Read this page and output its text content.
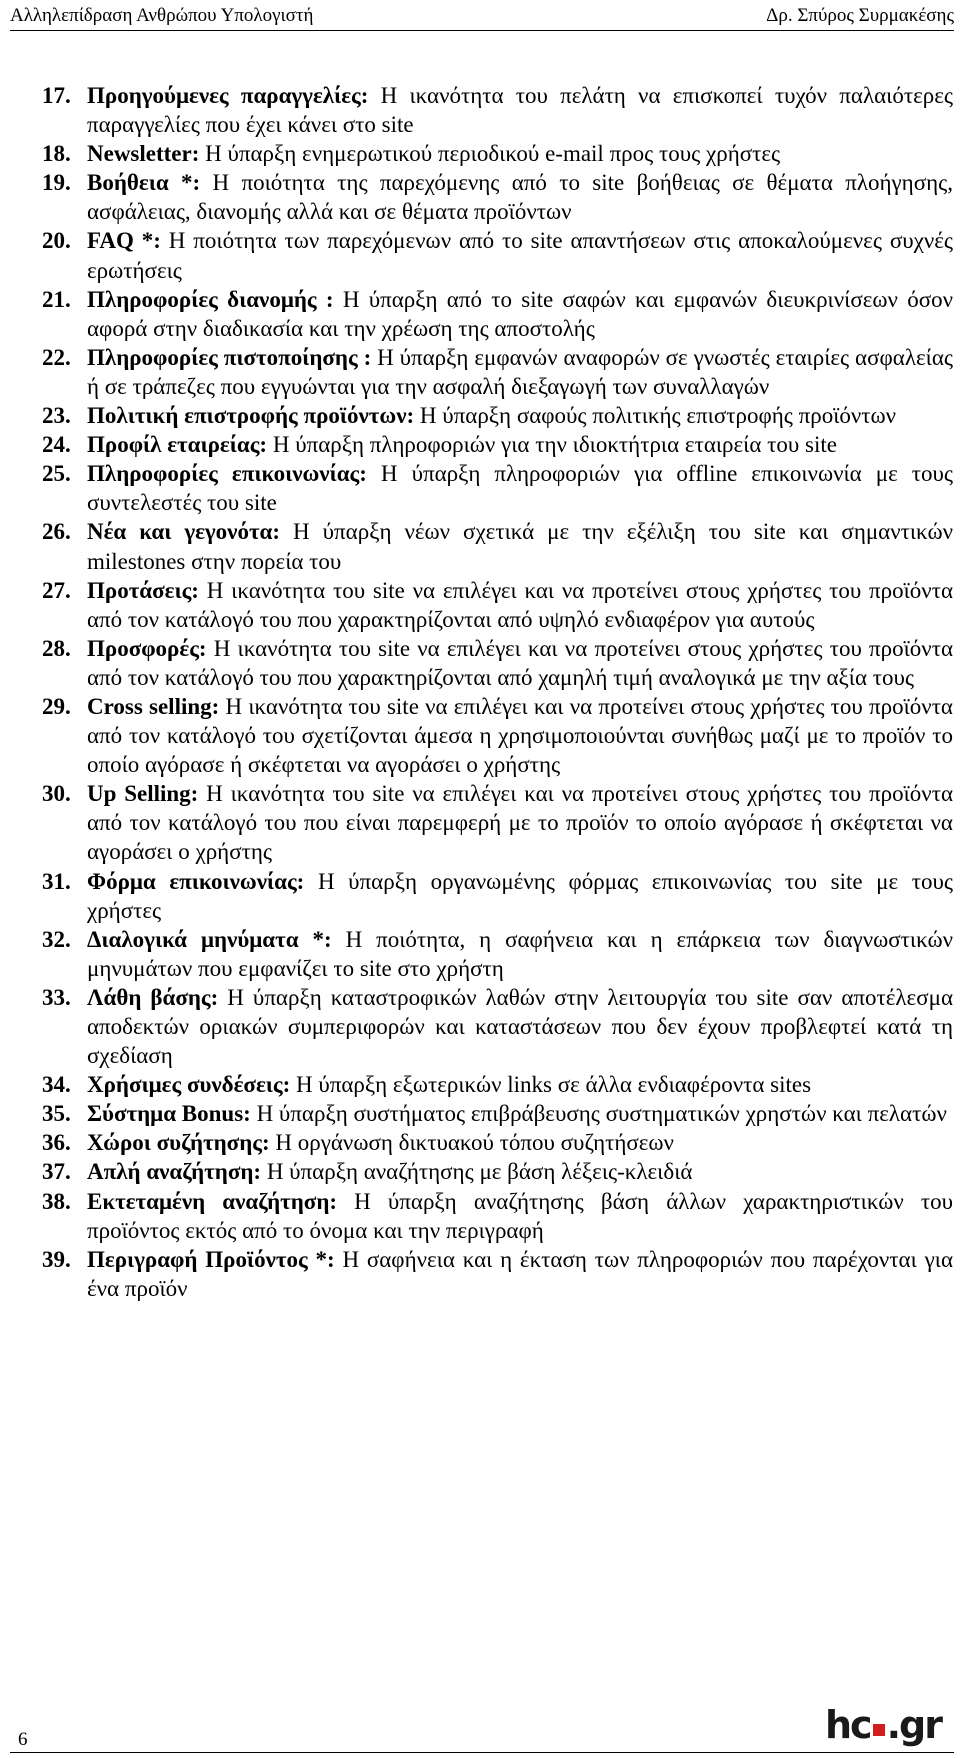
Αλληλεπίδραση Ανθρώπου Υπολογιστή	Δρ. Σπύρος Συρμακέσης
17. Προηγούμενες παραγγελίες: Η ικανότητα του πελάτη να επισκοπεί τυχόν παλαιότερες παραγγελίες που έχει κάνει στο site
18. Newsletter: Η ύπαρξη ενημερωτικού περιοδικού e-mail προς τους χρήστες
19. Βοήθεια *: Η ποιότητα της παρεχόμενης από το site βοήθειας σε θέματα πλοήγησης, ασφάλειας, διανομής αλλά και σε θέματα προϊόντων
20. FAQ *: Η ποιότητα των παρεχόμενων από το site απαντήσεων στις αποκαλούμενες συχνές ερωτήσεις
21. Πληροφορίες διανομής : Η ύπαρξη από το site σαφών και εμφανών διευκρινίσεων όσον αφορά στην διαδικασία και την χρέωση της αποστολής
22. Πληροφορίες πιστοποίησης : Η ύπαρξη εμφανών αναφορών σε γνωστές εταιρίες ασφαλείας ή σε τράπεζες που εγγυώνται για την ασφαλή διεξαγωγή των συναλλαγών
23. Πολιτική επιστροφής προϊόντων: Η ύπαρξη σαφούς πολιτικής επιστροφής προϊόντων
24. Προφίλ εταιρείας: Η ύπαρξη πληροφοριών για την ιδιοκτήτρια εταιρεία του site
25. Πληροφορίες επικοινωνίας: Η ύπαρξη πληροφοριών για offline επικοινωνία με τους συντελεστές του site
26. Νέα και γεγονότα: Η ύπαρξη νέων σχετικά με την εξέλιξη του site και σημαντικών milestones στην πορεία του
27. Προτάσεις: Η ικανότητα του site να επιλέγει και να προτείνει στους χρήστες του προϊόντα από τον κατάλογό του που χαρακτηρίζονται από υψηλό ενδιαφέρον για αυτούς
28. Προσφορές: Η ικανότητα του site να επιλέγει και να προτείνει στους χρήστες του προϊόντα από τον κατάλογό του που χαρακτηρίζονται από χαμηλή τιμή αναλογικά με την αξία τους
29. Cross selling: Η ικανότητα του site να επιλέγει και να προτείνει στους χρήστες του προϊόντα από τον κατάλογό του σχετίζονται άμεσα η χρησιμοποιούνται συνήθως μαζί με το προϊόν το οποίο αγόρασε ή σκέφτεται να αγοράσει ο χρήστης
30. Up Selling: Η ικανότητα του site να επιλέγει και να προτείνει στους χρήστες του προϊόντα από τον κατάλογό του που είναι παρεμφερή με το προϊόν το οποίο αγόρασε ή σκέφτεται να αγοράσει ο χρήστης
31. Φόρμα επικοινωνίας: Η ύπαρξη οργανωμένης φόρμας επικοινωνίας του site με τους χρήστες
32. Διαλογικά μηνύματα *: Η ποιότητα, η σαφήνεια και η επάρκεια των διαγνωστικών μηνυμάτων που εμφανίζει το site στο χρήστη
33. Λάθη βάσης: Η ύπαρξη καταστροφικών λαθών στην λειτουργία του site σαν αποτέλεσμα αποδεκτών οριακών συμπεριφορών και καταστάσεων που δεν έχουν προβλεφτεί κατά τη σχεδίαση
34. Χρήσιμες συνδέσεις: Η ύπαρξη εξωτερικών links σε άλλα ενδιαφέροντα sites
35. Σύστημα Bonus: Η ύπαρξη συστήματος επιβράβευσης συστηματικών χρηστών και πελατών
36. Χώροι συζήτησης: Η οργάνωση δικτυακού τόπου συζητήσεων
37. Απλή αναζήτηση: Η ύπαρξη αναζήτησης με βάση λέξεις-κλειδιά
38. Εκτεταμένη αναζήτηση: Η ύπαρξη αναζήτησης βάση άλλων χαρακτηριστικών του προϊόντος εκτός από το όνομα και την περιγραφή
39. Περιγραφή Προϊόντος *: Η σαφήνεια και η έκταση των πληροφοριών που παρέχονται για ένα προϊόν
6	hc .gr
